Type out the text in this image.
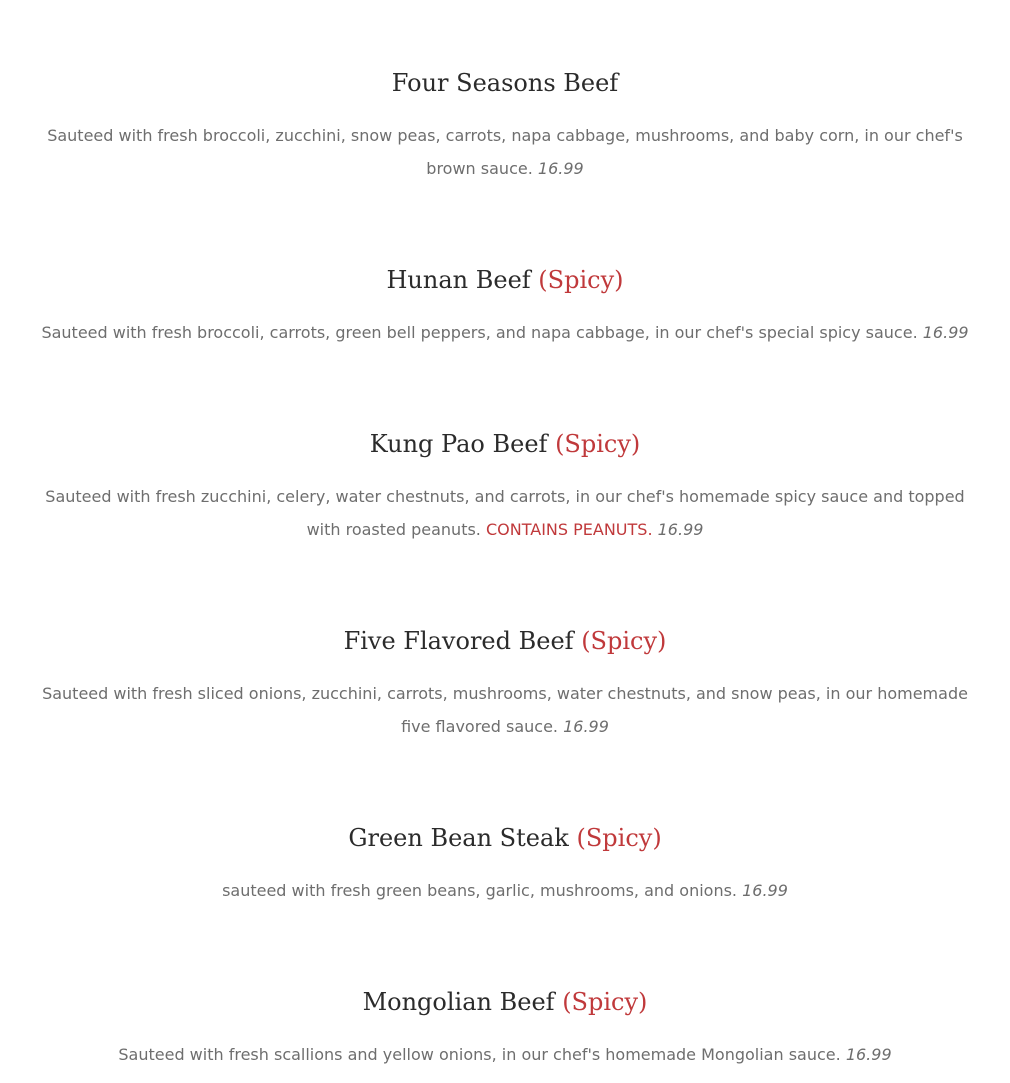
Four Seasons Beef

Sauteed with fresh broccoli, zucchini, snow peas, carrots, napa cabbage, mushrooms, and baby corn, in our chef's brown sauce. 16.99

Hunan Beef (Spicy)

Sauteed with fresh broccoli, carrots, green bell peppers, and napa cabbage, in our chef's special spicy sauce. 16.99

Kung Pao Beef (Spicy)

Sauteed with fresh zucchini, celery, water chestnuts, and carrots, in our chef's homemade spicy sauce and topped with roasted peanuts. CONTAINS PEANUTS. 16.99

Five Flavored Beef (Spicy)

Sauteed with fresh sliced onions, zucchini, carrots, mushrooms, water chestnuts, and snow peas, in our homemade five flavored sauce. 16.99

Green Bean Steak (Spicy)

sauteed with fresh green beans, garlic, mushrooms, and onions. 16.99

Mongolian Beef (Spicy)

Sauteed with fresh scallions and yellow onions, in our chef's homemade Mongolian sauce. 16.99
